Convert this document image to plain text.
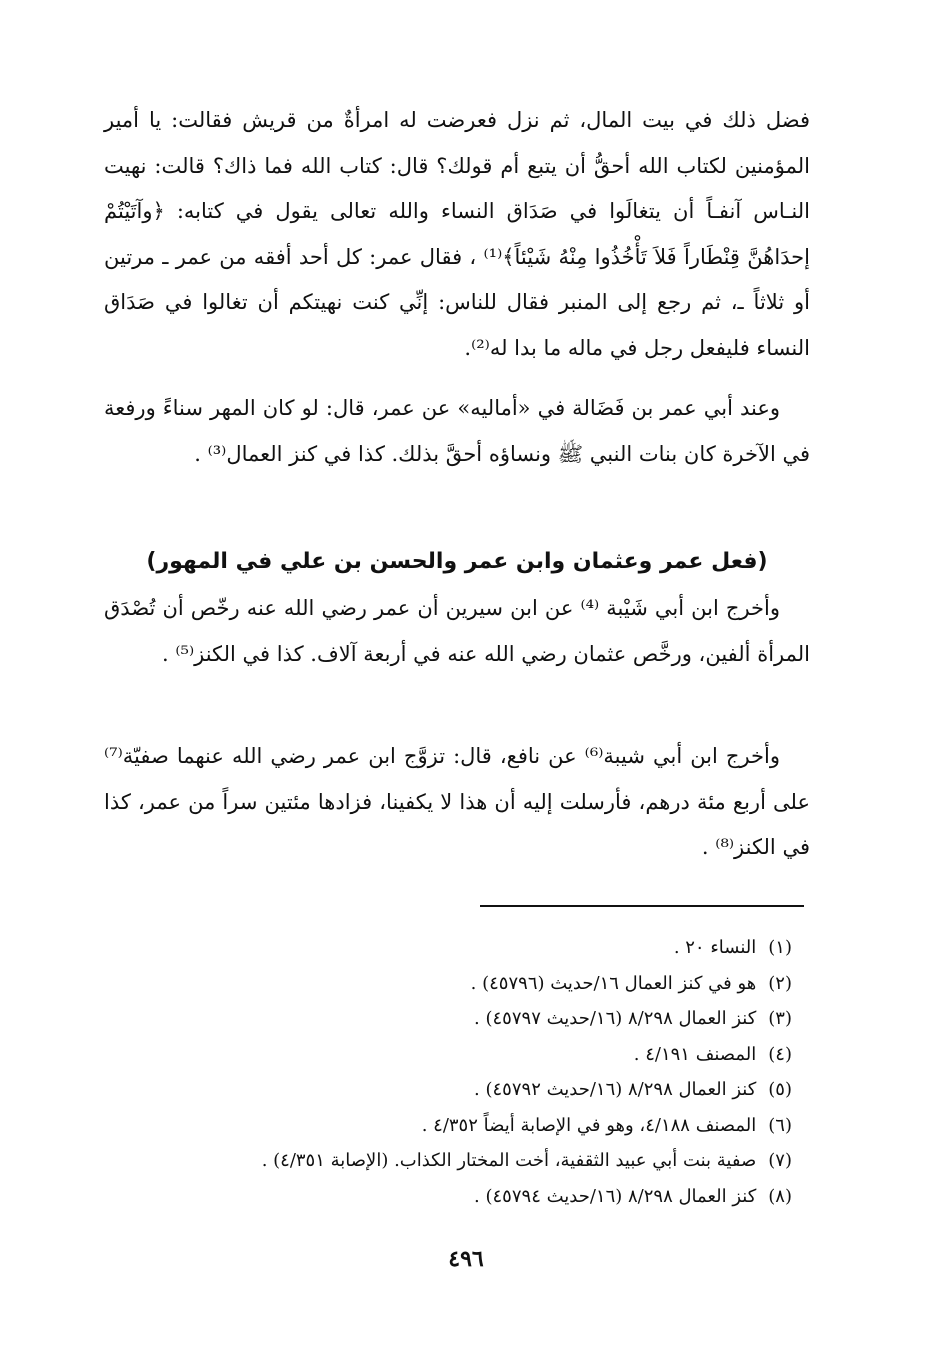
فضل ذلك في بيت المال، ثم نزل فعرضت له امرأةٌ من قريش فقالت: يا أمير المؤمنين لكتاب الله أحقُّ أن يتبع أم قولك؟ قال: كتاب الله فما ذاك؟ قالت: نهيت النـاس آنفـاً أن يتغالَوا في صَدَاق النساء والله تعالى يقول في كتابه: ﴿وآتَيْتُمْ إحدَاهُنَّ قِنْطَاراً فَلاَ تَأْخُذُوا مِنْهُ شَيْئاً﴾⁽¹⁾ ، فقال عمر: كل أحد أفقه من عمر ـ مرتين أو ثلاثاً ـ، ثم رجع إلى المنبر فقال للناس: إنِّي كنت نهيتكم أن تغالوا في صَدَاق النساء فليفعل رجل في ماله ما بدا له⁽²⁾.

وعند أبي عمر بن فَضَالة في «أماليه» عن عمر، قال: لو كان المهر سناءً ورفعة في الآخرة كان بنات النبي ﷺ ونساؤه أحقَّ بذلك. كذا في كنز العمال⁽³⁾ .

(فعل عمر وعثمان وابن عمر والحسن بن علي في المهور)

وأخرج ابن أبي شَيْبة ⁽⁴⁾ عن ابن سيرين أن عمر رضي الله عنه رخّص أن تُصْدَق المرأة ألفين، ورخَّص عثمان رضي الله عنه في أربعة آلاف. كذا في الكنز⁽⁵⁾ .

وأخرج ابن أبي شيبة⁽⁶⁾ عن نافع، قال: تزوَّج ابن عمر رضي الله عنهما صفيّة⁽⁷⁾ على أربع مئة درهم، فأرسلت إليه أن هذا لا يكفينا، فزادها مئتين سراً من عمر، كذا في الكنز⁽⁸⁾ .

(١) النساء ٢٠ .
(٢) هو في كنز العمال ١٦/حديث (٤٥٧٩٦) .
(٣) كنز العمال ٨/٢٩٨ (١٦/حديث ٤٥٧٩٧) .
(٤) المصنف ٤/١٩١ .
(٥) كنز العمال ٨/٢٩٨ (١٦/حديث ٤٥٧٩٢) .
(٦) المصنف ٤/١٨٨، وهو في الإصابة أيضاً ٤/٣٥٢ .
(٧) صفية بنت أبي عبيد الثقفية، أخت المختار الكذاب. (الإصابة ٤/٣٥١) .
(٨) كنز العمال ٨/٢٩٨ (١٦/حديث ٤٥٧٩٤) .
٤٩٦
